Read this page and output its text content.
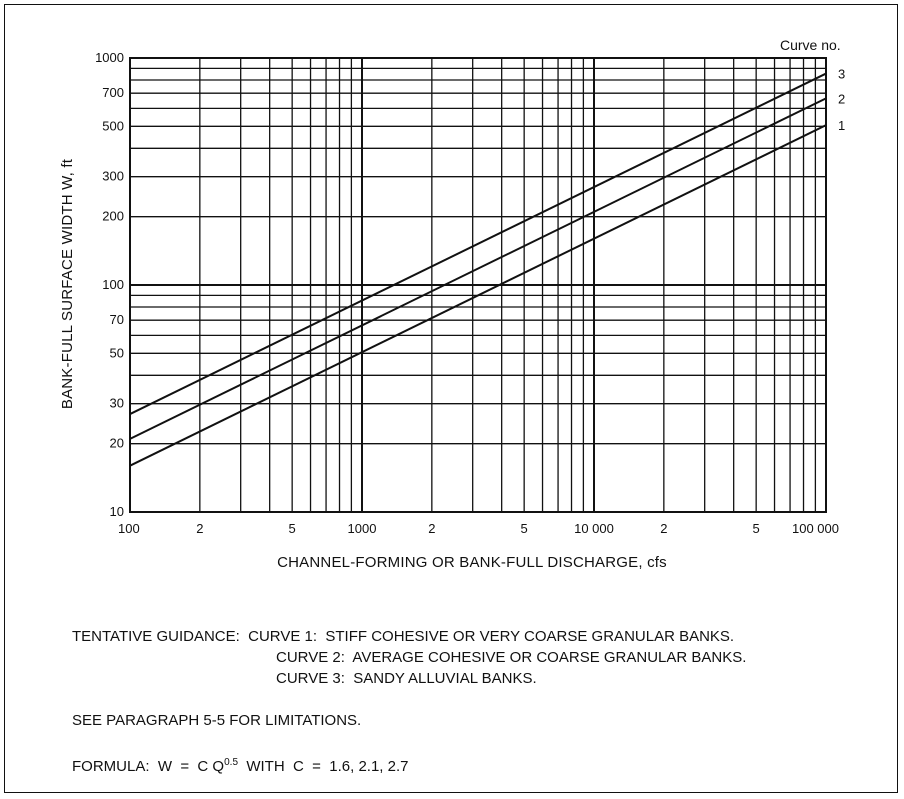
100	2	5	1000	2	5	10 000	2	5 100 000
10
20
30
50
70
100
200
300
500
700
1000
1
2
3
Curve no.
CHANNEL-FORMING OR BANK-FULL DISCHARGE, cfs
BANK-FULL SURFACE WIDTH W, ft
TENTATIVE GUIDANCE: CURVE 1:  STIFF COHESIVE OR VERY COARSE GRANULAR BANKS.
CURVE 2:  AVERAGE COHESIVE OR COARSE GRANULAR BANKS.
CURVE 3:  SANDY ALLUVIAL BANKS.
SEE PARAGRAPH 5-5 FOR LIMITATIONS.
FORMULA:  W  =  C $Q^{0.5}$  WITH  C  =  1.6, 2.1, 2.7
